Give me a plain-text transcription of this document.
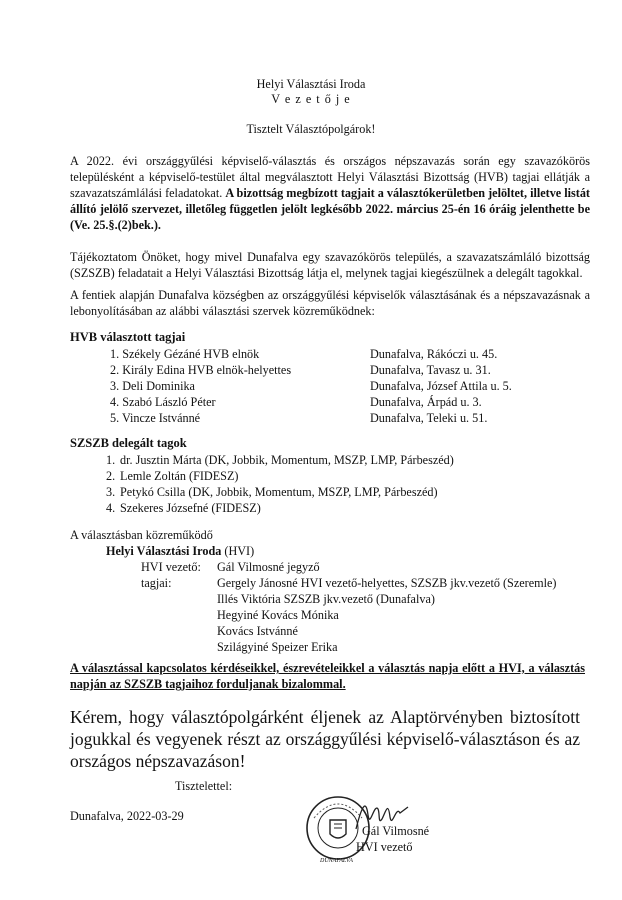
Helyi Választási Iroda
V e z e t ő j e
Tisztelt Választópolgárok!
A 2022. évi országgyűlési képviselő-választás és országos népszavazás során egy szavazókörös településként a képviselő-testület által megválasztott Helyi Választási Bizottság (HVB) tagjai ellátják a szavazatszámlálási feladatokat. A bizottság megbízott tagjait a választókerületben jelöltet, illetve listát állító jelölő szervezet, illetőleg független jelölt legkésőbb 2022. március 25-én 16 óráig jelenthette be (Ve. 25.§.(2)bek.).
Tájékoztatom Önöket, hogy mivel Dunafalva egy szavazókörös település, a szavazatszámláló bizottság (SZSZB) feladatait a Helyi Választási Bizottság látja el, melynek tagjai kiegészülnek a delegált tagokkal.
A fentiek alapján Dunafalva községben az országgyűlési képviselők választásának és a népszavazásnak a lebonyolításában az alábbi választási szervek közreműködnek:
HVB választott tagjai
1. Székely Gézáné HVB elnök	Dunafalva, Rákóczi u. 45.
2. Király Edina HVB elnök-helyettes	Dunafalva, Tavasz u. 31.
3. Deli Dominika	Dunafalva, József Attila u. 5.
4. Szabó László Péter	Dunafalva, Árpád u. 3.
5. Vincze Istvánné	Dunafalva, Teleki u. 51.
SZSZB delegált tagok
1. dr. Jusztin Márta (DK, Jobbik, Momentum, MSZP, LMP, Párbeszéd)
2. Lemle Zoltán (FIDESZ)
3. Petykó Csilla (DK, Jobbik, Momentum, MSZP, LMP, Párbeszéd)
4. Szekeres Józsefné (FIDESZ)
A választásban közreműködő
Helyi Választási Iroda (HVI)
HVI vezető: Gál Vilmosné jegyző
tagjai:	Gergely Jánosné HVI vezető-helyettes, SZSZB jkv.vezető (Szeremle)
Illés Viktória SZSZB jkv.vezető (Dunafalva)
Hegyiné Kovács Mónika
Kovács Istvánné
Szilágyiné Speizer Erika
A választással kapcsolatos kérdéseikkel, észrevételeikkel a választás napja előtt a HVI, a választás napján az SZSZB tagjaihoz forduljanak bizalommal.
Kérem, hogy választópolgárként éljenek az Alaptörvényben biztosított jogukkal és vegyenek részt az országgyűlési képviselő-választáson és az országos népszavazáson!
Tisztelettel:
Dunafalva, 2022-03-29
DUNAFALVA
Gál Vilmosné
HVI vezető
